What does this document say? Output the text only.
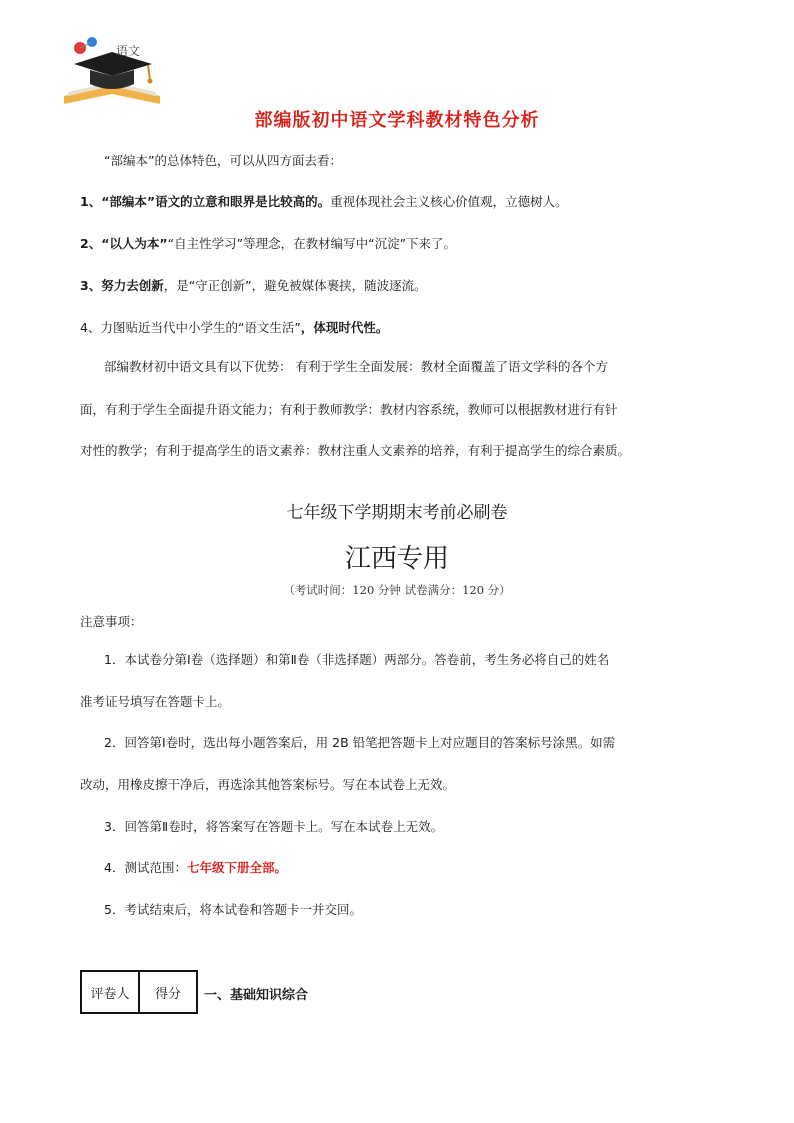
语文
部编版初中语文学科教材特色分析
“部编本”的总体特色，可以从四方面去看：
1、“部编本”语文的立意和眼界是比较高的。重视体现社会主义核心价值观，立德树人。
2、“以人为本”“自主性学习”等理念，在教材编写中“沉淀”下来了。
3、努力去创新，是“守正创新”，避免被媒体裹挟，随波逐流。
4、力图贴近当代中小学生的“语文生活”，体现时代性。
部编教材初中语文具有以下优势： 有利于学生全面发展：教材全面覆盖了语文学科的各个方
面，有利于学生全面提升语文能力；有利于教师教学：教材内容系统，教师可以根据教材进行有针
对性的教学；有利于提高学生的语文素养：教材注重人文素养的培养，有利于提高学生的综合素质。
七年级下学期期末考前必刷卷
江西专用
（考试时间：120 分钟 试卷满分：120 分）
注意事项：
1．本试卷分第Ⅰ卷（选择题）和第Ⅱ卷（非选择题）两部分。答卷前，考生务必将自己的姓名
准考证号填写在答题卡上。
2．回答第Ⅰ卷时，选出每小题答案后，用 2B 铅笔把答题卡上对应题目的答案标号涂黑。如需
改动，用橡皮擦干净后，再选涂其他答案标号。写在本试卷上无效。
3．回答第Ⅱ卷时，将答案写在答题卡上。写在本试卷上无效。
4．测试范围：七年级下册全部。
5．考试结束后，将本试卷和答题卡一并交回。
评卷人	得分	一、基础知识综合
